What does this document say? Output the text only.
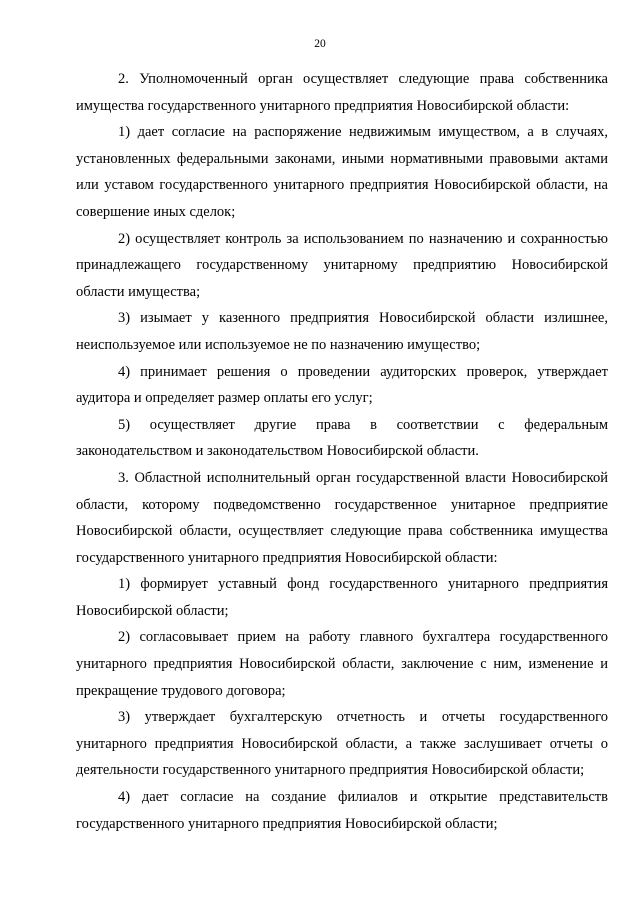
20

2. Уполномоченный орган осуществляет следующие права собственника имущества государственного унитарного предприятия Новосибирской области:

1) дает согласие на распоряжение недвижимым имуществом, а в случаях, установленных федеральными законами, иными нормативными правовыми актами или уставом государственного унитарного предприятия Новосибирской области, на совершение иных сделок;

2) осуществляет контроль за использованием по назначению и сохранностью принадлежащего государственному унитарному предприятию Новосибирской области имущества;

3) изымает у казенного предприятия Новосибирской области излишнее, неиспользуемое или используемое не по назначению имущество;

4) принимает решения о проведении аудиторских проверок, утверждает аудитора и определяет размер оплаты его услуг;

5) осуществляет другие права в соответствии с федеральным законодательством и законодательством Новосибирской области.

3. Областной исполнительный орган государственной власти Новосибирской области, которому подведомственно государственное унитарное предприятие Новосибирской области, осуществляет следующие права собственника имущества государственного унитарного предприятия Новосибирской области:

1) формирует уставный фонд государственного унитарного предприятия Новосибирской области;

2) согласовывает прием на работу главного бухгалтера государственного унитарного предприятия Новосибирской области, заключение с ним, изменение и прекращение трудового договора;

3) утверждает бухгалтерскую отчетность и отчеты государственного унитарного предприятия Новосибирской области, а также заслушивает отчеты о деятельности государственного унитарного предприятия Новосибирской области;

4) дает согласие на создание филиалов и открытие представительств государственного унитарного предприятия Новосибирской области;
